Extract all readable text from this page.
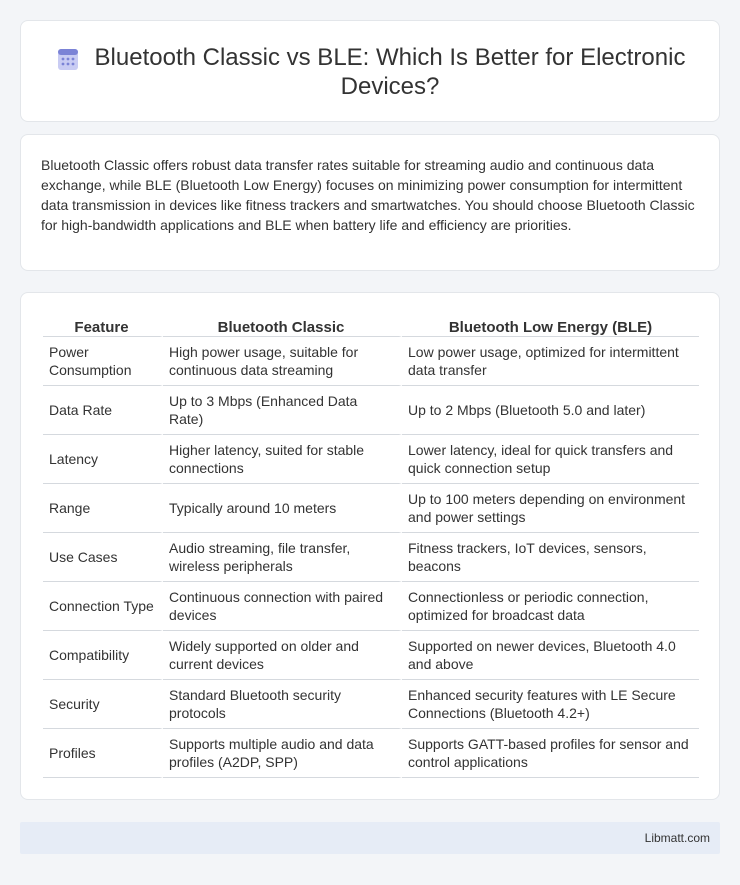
Bluetooth Classic vs BLE: Which Is Better for Electronic Devices?

Bluetooth Classic offers robust data transfer rates suitable for streaming audio and continuous data exchange, while BLE (Bluetooth Low Energy) focuses on minimizing power consumption for intermittent data transmission in devices like fitness trackers and smartwatches. You should choose Bluetooth Classic for high-bandwidth applications and BLE when battery life and efficiency are priorities.

Feature	Bluetooth Classic	Bluetooth Low Energy (BLE)
Power Consumption	High power usage, suitable for continuous data streaming	Low power usage, optimized for intermittent data transfer
Data Rate	Up to 3 Mbps (Enhanced Data Rate)	Up to 2 Mbps (Bluetooth 5.0 and later)
Latency	Higher latency, suited for stable connections	Lower latency, ideal for quick transfers and quick connection setup
Range	Typically around 10 meters	Up to 100 meters depending on environment and power settings
Use Cases	Audio streaming, file transfer, wireless peripherals	Fitness trackers, IoT devices, sensors, beacons
Connection Type	Continuous connection with paired devices	Connectionless or periodic connection, optimized for broadcast data
Compatibility	Widely supported on older and current devices	Supported on newer devices, Bluetooth 4.0 and above
Security	Standard Bluetooth security protocols	Enhanced security features with LE Secure Connections (Bluetooth 4.2+)
Profiles	Supports multiple audio and data profiles (A2DP, SPP)	Supports GATT-based profiles for sensor and control applications
Libmatt.com
